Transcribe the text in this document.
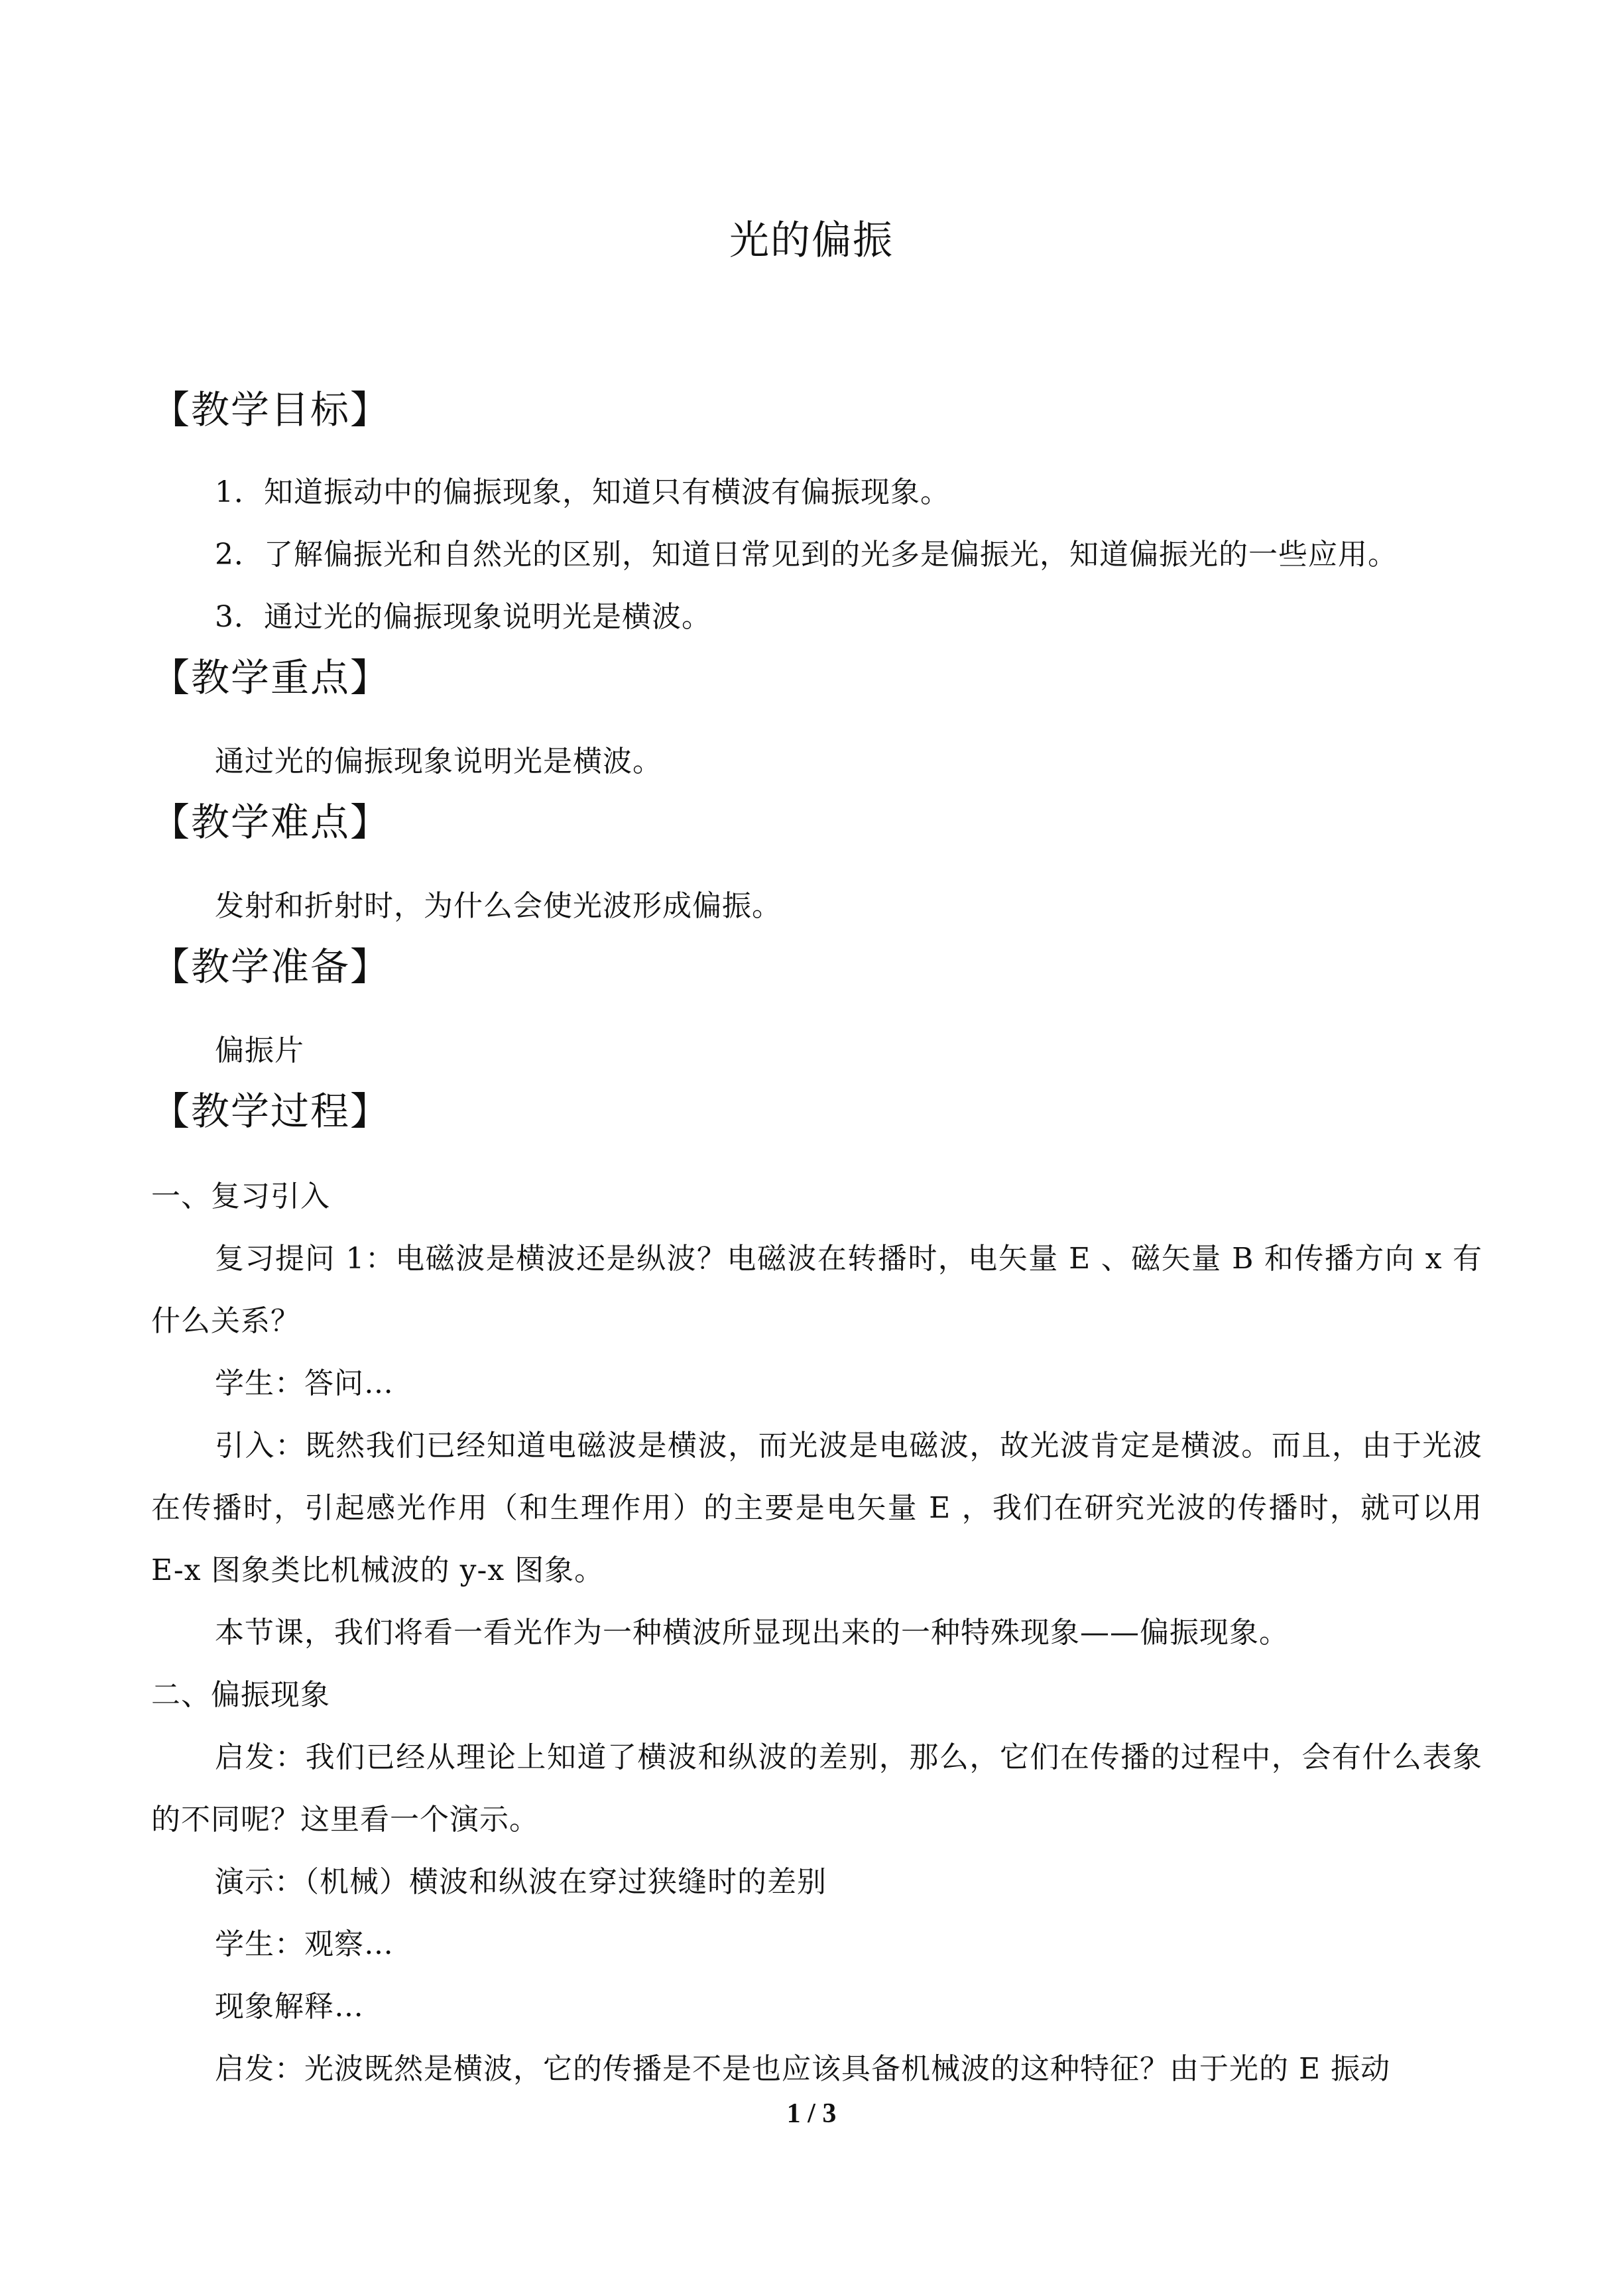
光的偏振
【教学目标】

1．知道振动中的偏振现象，知道只有横波有偏振现象。

2．了解偏振光和自然光的区别，知道日常见到的光多是偏振光，知道偏振光的一些应用。

3．通过光的偏振现象说明光是横波。

【教学重点】

通过光的偏振现象说明光是横波。

【教学难点】

发射和折射时，为什么会使光波形成偏振。

【教学准备】

偏振片

【教学过程】

一、复习引入

复习提问 1：电磁波是横波还是纵波？电磁波在转播时，电矢量 E 、磁矢量 B 和传播方向 x 有什么关系？

学生：答问…

引入：既然我们已经知道电磁波是横波，而光波是电磁波，故光波肯定是横波。而且，由于光波在传播时，引起感光作用（和生理作用）的主要是电矢量 E ，我们在研究光波的传播时，就可以用 E-x 图象类比机械波的 y-x 图象。

本节课，我们将看一看光作为一种横波所显现出来的一种特殊现象——偏振现象。

二、偏振现象

启发：我们已经从理论上知道了横波和纵波的差别，那么，它们在传播的过程中，会有什么表象的不同呢？这里看一个演示。

演示：（机械）横波和纵波在穿过狭缝时的差别

学生：观察…

现象解释…

启发：光波既然是横波，它的传播是不是也应该具备机械波的这种特征？由于光的 E 振动

1 / 3
